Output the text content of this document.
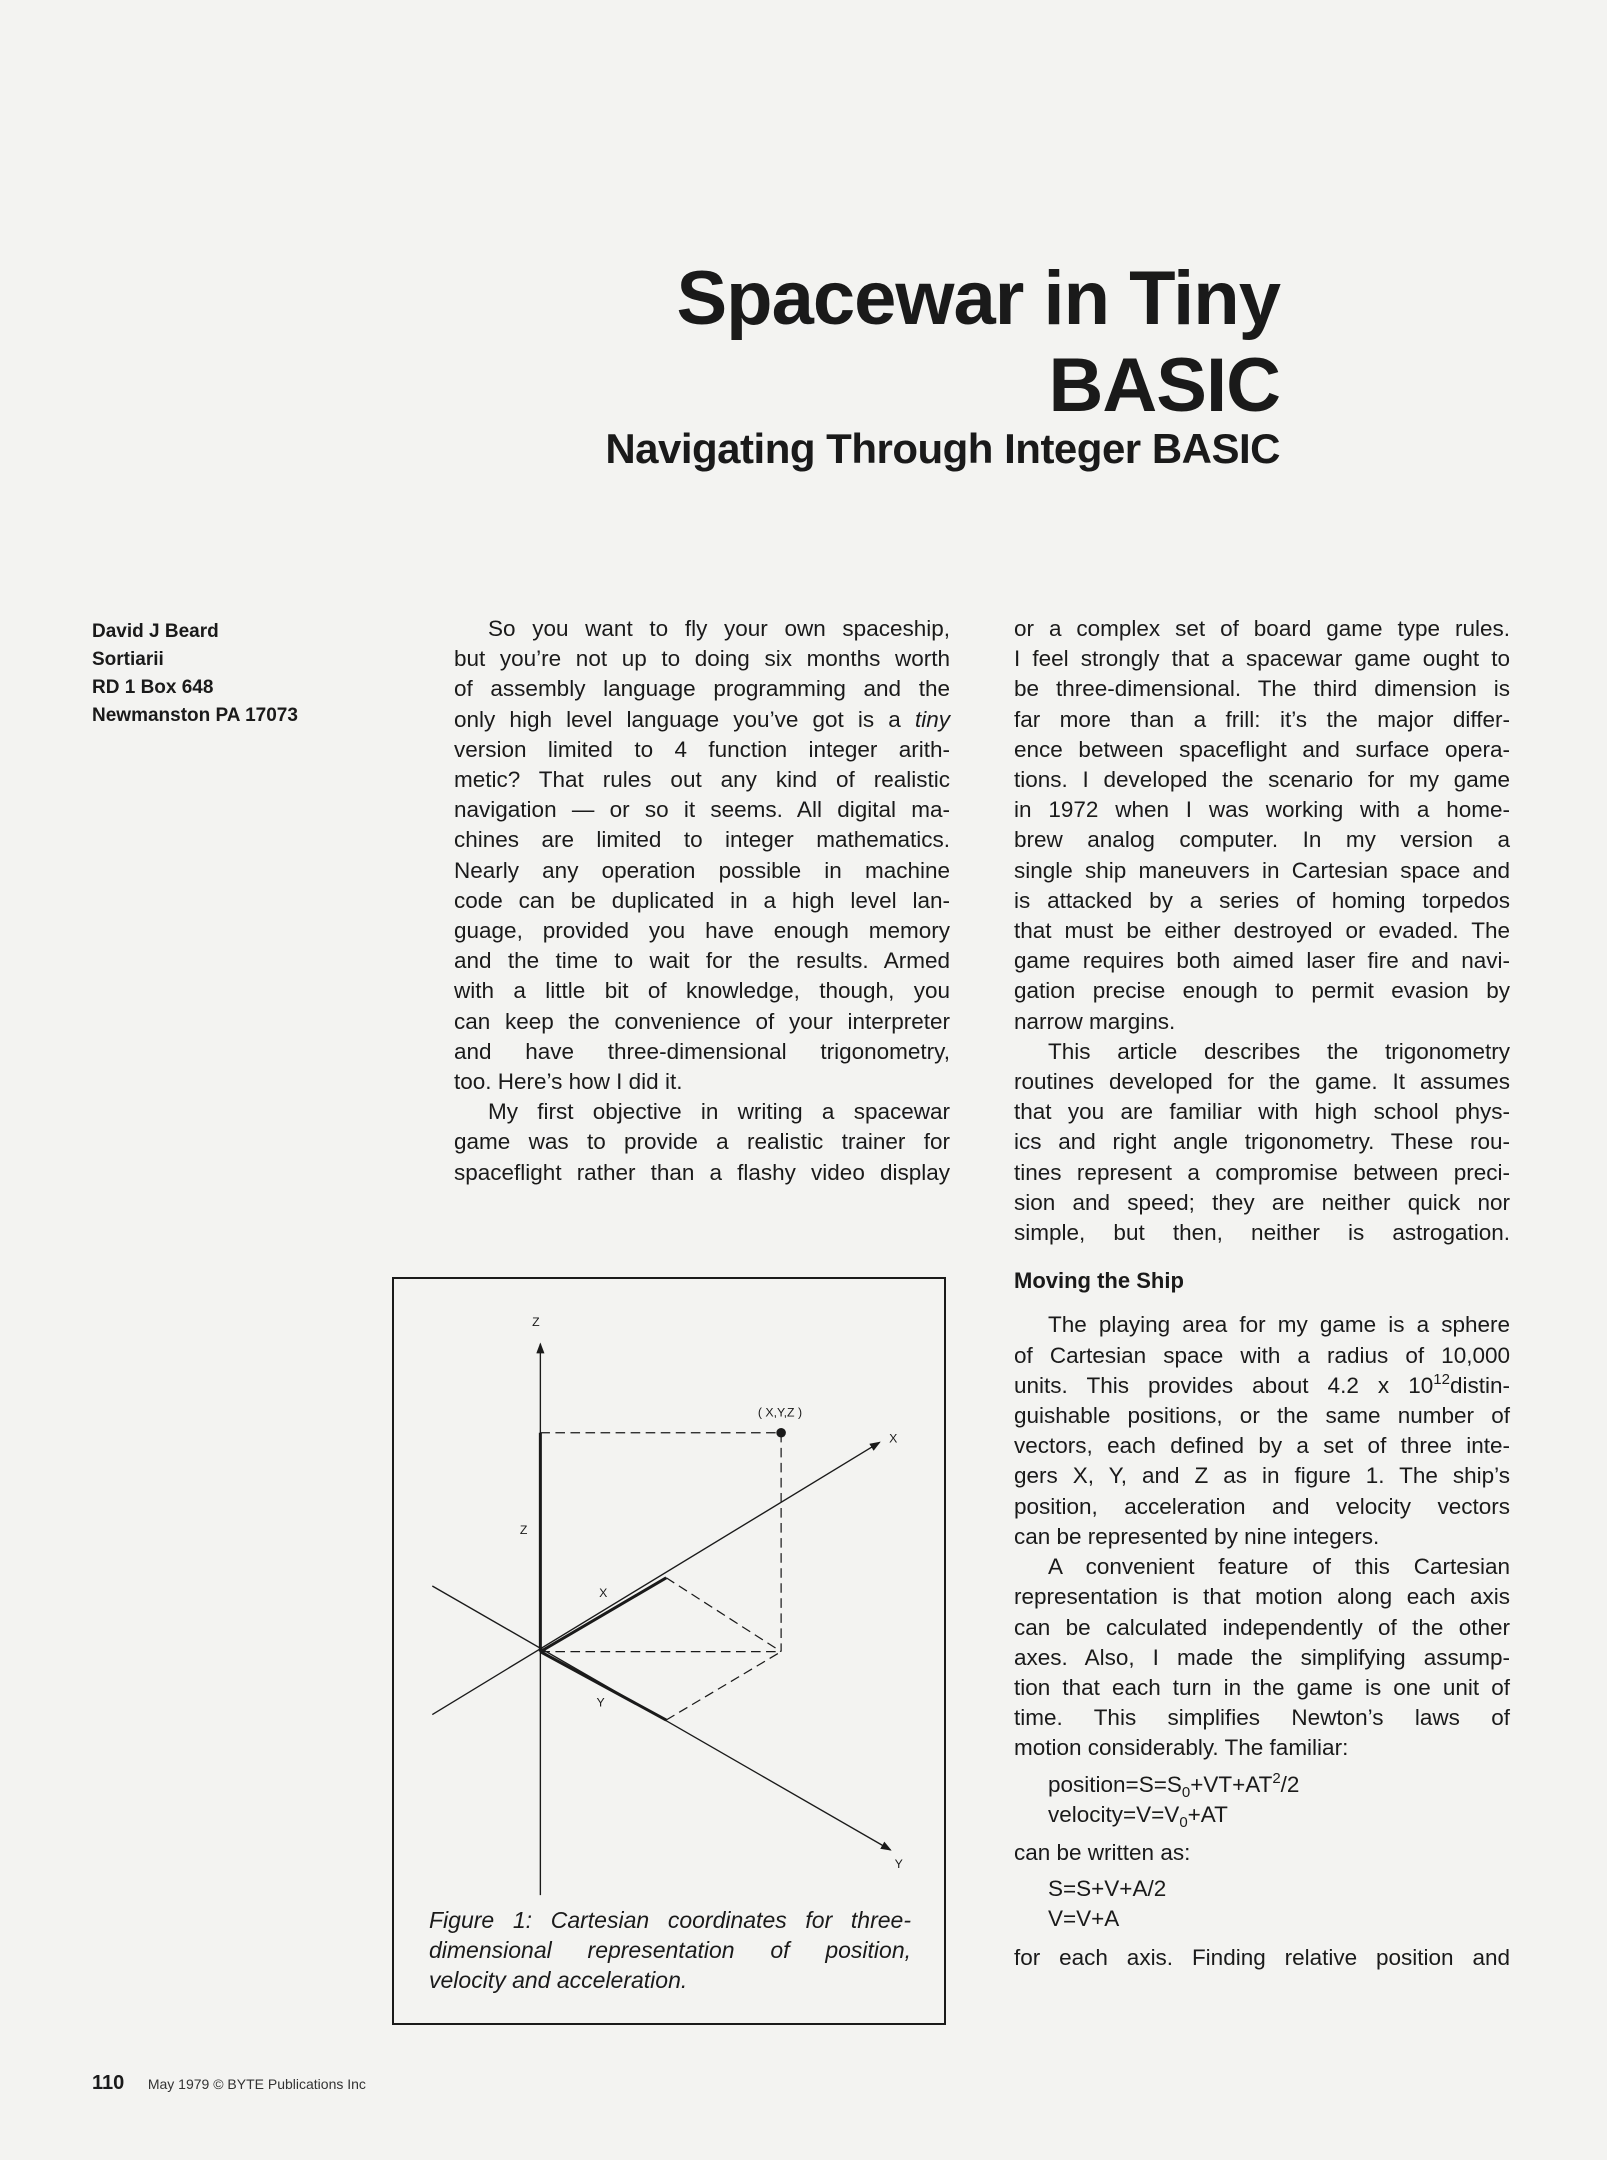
Spacewar in Tiny BASIC
Navigating Through Integer BASIC
David J Beard
Sortiarii
RD 1 Box 648
Newmanston PA 17073
So you want to fly your own spaceship,
but you’re not up to doing six months worth
of assembly language programming and the
only high level language you’ve got is a tiny
version limited to 4 function integer arith-
metic? That rules out any kind of realistic
navigation — or so it seems. All digital ma-
chines are limited to integer mathematics.
Nearly any operation possible in machine
code can be duplicated in a high level lan-
guage, provided you have enough memory
and the time to wait for the results. Armed
with a little bit of knowledge, though, you
can keep the convenience of your interpreter
and have three-dimensional trigonometry,
too. Here’s how I did it.
My first objective in writing a spacewar
game was to provide a realistic trainer for
spaceflight rather than a flashy video display
or a complex set of board game type rules.
I feel strongly that a spacewar game ought to
be three-dimensional. The third dimension is
far more than a frill: it’s the major differ-
ence between spaceflight and surface opera-
tions. I developed the scenario for my game
in 1972 when I was working with a home-
brew analog computer. In my version a
single ship maneuvers in Cartesian space and
is attacked by a series of homing torpedos
that must be either destroyed or evaded. The
game requires both aimed laser fire and navi-
gation precise enough to permit evasion by
narrow margins.
This article describes the trigonometry
routines developed for the game. It assumes
that you are familiar with high school phys-
ics and right angle trigonometry. These rou-
tines represent a compromise between preci-
sion and speed; they are neither quick nor
simple, but then, neither is astrogation.
Moving the Ship
The playing area for my game is a sphere
of Cartesian space with a radius of 10,000
units. This provides about 4.2 x $10^{12}distin-$
guishable positions, or the same number of
vectors, each defined by a set of three inte-
gers X, Y, and Z as in figure 1. The ship’s
position, acceleration and velocity vectors
can be represented by nine integers.
A convenient feature of this Cartesian
representation is that motion along each axis
can be calculated independently of the other
axes. Also, I made the simplifying assump-
tion that each turn in the game is one unit of
time. This simplifies Newton’s laws of
motion considerably. The familiar:
$position=S=S_0+VT+AT^2/2$
$velocity=V=V_0+AT$
can be written as:
S=S+V+A/2
V=V+A
for each axis. Finding relative position and
Z
( X,Y,Z )
X
Z
X
Y
Y
Figure 1: Cartesian coordinates for three-
dimensional representation of position,
velocity and acceleration.
110 May 1979 © BYTE Publications Inc
